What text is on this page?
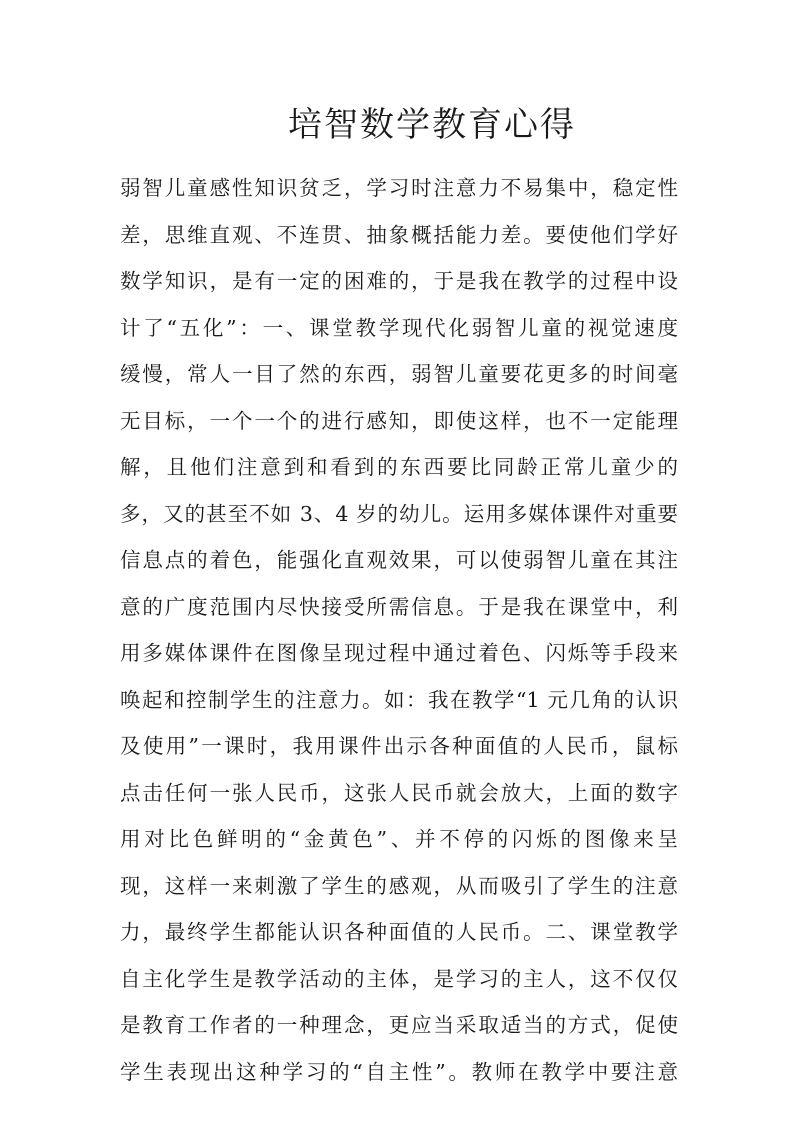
培智数学教育心得
弱智儿童感性知识贫乏，学习时注意力不易集中，稳定性
差，思维直观、不连贯、抽象概括能力差。要使他们学好
数学知识，是有一定的困难的，于是我在教学的过程中设
计了“五化”：一、课堂教学现代化弱智儿童的视觉速度
缓慢，常人一目了然的东西，弱智儿童要花更多的时间毫
无目标，一个一个的进行感知，即使这样，也不一定能理
解，且他们注意到和看到的东西要比同龄正常儿童少的
多，又的甚至不如 3、4 岁的幼儿。运用多媒体课件对重要
信息点的着色，能强化直观效果，可以使弱智儿童在其注
意的广度范围内尽快接受所需信息。于是我在课堂中，利
用多媒体课件在图像呈现过程中通过着色、闪烁等手段来
唤起和控制学生的注意力。如：我在教学“1 元几角的认识
及使用”一课时，我用课件出示各种面值的人民币，鼠标
点击任何一张人民币，这张人民币就会放大，上面的数字
用对比色鲜明的“金黄色”、并不停的闪烁的图像来呈
现，这样一来刺激了学生的感观，从而吸引了学生的注意
力，最终学生都能认识各种面值的人民币。二、课堂教学
自主化学生是教学活动的主体，是学习的主人，这不仅仅
是教育工作者的一种理念，更应当采取适当的方式，促使
学生表现出这种学习的“自主性”。教师在教学中要注意
